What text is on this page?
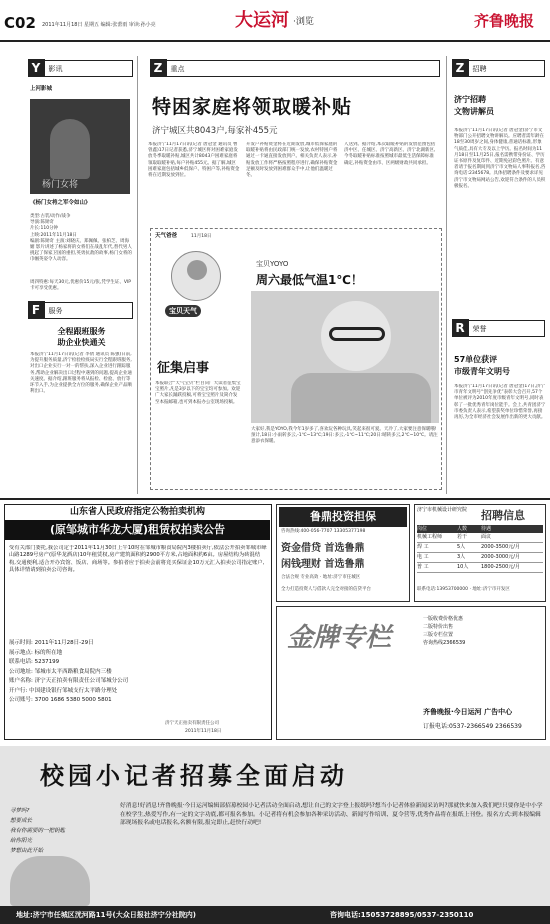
C02 2011年11月18日 星期五 编辑:张蕾雨 审读:孙小亮	大运河 ·浏览	齐鲁晚报
Y	影讯
上河影城
杨门女将
《杨门女将之军令如山》
类型:古装/动作/战争
导演:陈勋奇
片长:110分钟
上映:2011年11月18日
编剧:陈勋奇 主演:刘晓庆、郑佩佩、张柏芝、周海媚 影片讲述了杨家将的女将们在战乱年代,替代男人挑起了保家卫国的重担,英勇抗敌的故事,杨门女将的巾帼英姿令人动容。
周四特惠:每天30元,优惠价15元/张,凭学生证、VIP卡可享受优惠。
F	服务
全程跟班服务
助企业快通关
本报济宁11月17日讯(记者 李倩 通讯员 陈强)日前,为提升服务质量,济宁检验检疫局实行全程跟班服务,对出口企业实行一对一的帮扶,深入企业进行跟踪服务,帮助企业解决出口过程中遇到的问题,提高企业通关速度。据介绍,跟班服务将从报检、检验、放行等环节入手,为企业提供全方位的服务,确保企业产品顺利出口。
Z	重点
特困家庭将领取暖补贴
济宁城区共8043户,每家补455元
本报济宁11月17日讯(记者 唐冠金 通讯员 曹曾鑫)17日记者获悉,济宁城区将对困难家庭发放冬季取暖补贴,城区共计8043户困难家庭将领取取暖补贴,每户补贴455元。据了解,城区困难家庭包括城乡低保户、特困户等,补贴资金将在近期发放到位。
开发户补贴资金将在近期发放,城市低保家庭的取暖补贴将由民政部门统一发放,农村特困户将通过一卡通直接发放到户。相关负责人表示,补贴发放工作将严格按照程序进行,确保补贴资金足额及时发放到困难群众手中,让他们温暖过冬。
人送到。据介绍,本次取暖补贴的发放范围包括济中区、任城区、济宁高新区、济宁北湖新区,今冬取暖补贴标准按照城市最低生活保障标准确定,补贴资金由市、区两级财政共同承担。
天气爸爸	11月18日
宝贝天气
征集启事
本报联合“天气宝贝”栏目向广大读者征集宝宝照片,凡是3岁以下的宝宝均可参加。欢迎广大家长踊跃投稿,可将宝宝照片及简介发至本报邮箱,也可到本报办公室现场投稿。
宝贝YOYO
周六最低气温1℃！
大家好,我是YOYO,我今年1岁多了,喜欢玩各种玩具,笑起来很可爱。天冷了,大家要注意保暖哦!
预计,18日:小雨转多云,-1℃~13℃;19日:多云,-1℃~11℃;20日:晴转多云,2℃~10℃。请注意添衣保暖。
Z	招聘
济宁招聘
文物讲解员
本报济宁11月17日讯(记者 唐冠金)济宁市文物部门公开招聘文物讲解员。应聘者需年龄在18至30周岁之间,身体健康,普通话标准,形象气质佳,具有大专及以上学历。报名时间为11月18日至11月25日,报名需携带身份证、学历证书原件及复印件、近期免冠彩色照片。有意者请于报名期间到济宁市文物局人事科报名,咨询电话:2345678。具体招聘条件及要求详见济宁市文物局网站公告,欢迎符合条件的人员积极报名。
R	荣誉
57单位获评
市级青年文明号
本报济宁11月17日讯(记者 唐冠金)17日,济宁市青年文明号“创先争优”表彰大会召开,57个单位被评为2010年度市级青年文明号,同时表彰了一批优秀青年岗位能手。会上,共青团济宁市委负责人表示,希望获奖单位珍惜荣誉,再接再厉,为全市经济社会发展作出新的更大贡献。
山东省人民政府指定公物拍卖机构
(原邹城市华龙大厦)租赁权拍卖公告
受有关部门委托,我公司定于2011年11月30日上午10时在邹城市粮食局院内3楼拍卖厅,依法公开拍卖邹城市峄山路1289号房产(原华龙酒店)10年租赁权,房产建筑面积约2900平方米,占地面积约6亩。房屋结构为砖混结构,交通便利,适合开办宾馆、饭店、商场等。参拍者应于拍卖会前将竞买保证金10万元汇入拍卖公司指定账户,具体详情请到拍卖公司咨询。
展示时间: 2011年11月28日-29日
展示地点: 标的所在地
联系电话: 5237199
公司地址: 邹城市太平西路粮食局院内三楼
账户名称: 济宁天正拍卖有限责任公司邹城分公司
开户行: 中国建设银行邹城支行太平路分理处
公司账号: 3700 1686 5380 5000 5801
济宁天正拍卖有限责任公司
2011年11月18日
鲁鼎投资担保
咨询热线:400-056-7707 13305377198
资金借贷 首选鲁鼎
闲钱理财 首选鲁鼎
合法合规 专业高效 · 地址:济宁市任城区
全力打造投资人与借款人完全对接的信贷平台
济宁市机械设计研究院	招聘信息
岗位	人数	待遇
机械工程师	若干	面议
焊 工	5人	2000-3500元/月
电 工	3人	2000-3000元/月
普 工	10人	1800-2500元/月
联系电话:13953700000 · 地址:济宁市开发区
金牌专栏
一版收费价格优惠
二版特价出售
三版专栏位置
咨询热线2366539
齐鲁晚报·今日运河 广告中心
订报电话:0537-2366549 2366539
校园小记者招募全面启动
寻梦吗?
想要成长
我有你需要的一把钥匙
给你阳光
梦想由此开始
好消息!好消息!齐鲁晚报·今日运河编辑部招募校园小记者活动全面启动,想让自己的文字登上报纸吗?想当小记者体验新闻采访吗?那就快来加入我们吧!只要你是中小学在校学生,热爱写作,有一定的文字功底,都可报名参加。小记者将有机会参加各种采访活动、新闻写作培训、夏令营等,优秀作品将在报纸上刊登。报名方式:到本报编辑部现场报名或电话报名,名额有限,报完即止,赶快行动吧!
地址:济宁市任城区洸河路11号(大众日报社济宁分社院内)	咨询电话:15053728895/0537-2350110
